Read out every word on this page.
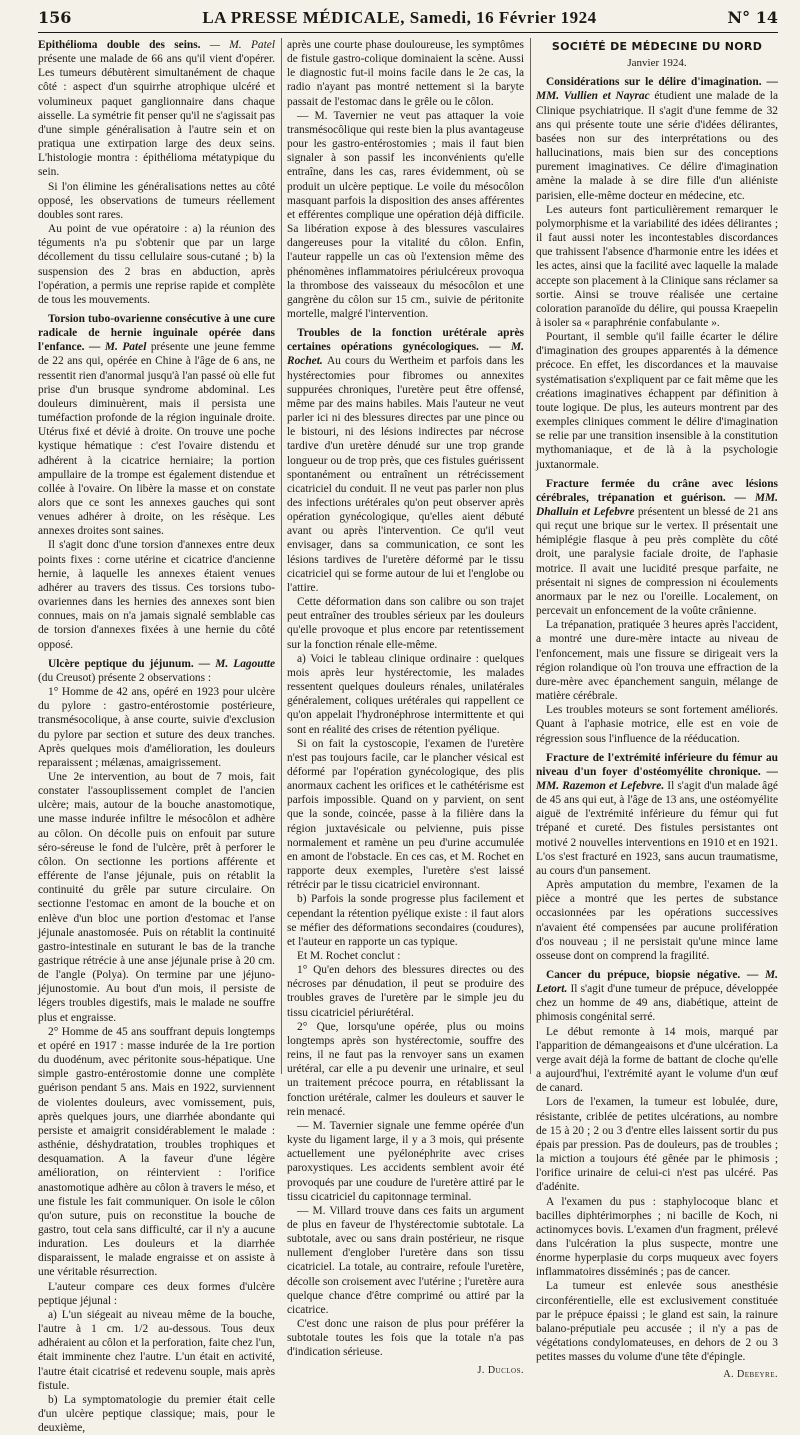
156	LA PRESSE MÉDICALE, Samedi, 16 Février 1924	N° 14

Epithélioma double des seins. — M. Patel présente une malade de 66 ans qu'il vient d'opérer. Les tumeurs débutèrent simultanément de chaque côté : aspect d'un squirrhe atrophique ulcéré et volumineux paquet ganglionnaire dans chaque aisselle. La symétrie fit penser qu'il ne s'agissait pas d'une simple généralisation à l'autre sein et on pratiqua une extirpation large des deux seins. L'histologie montra : épithélioma métatypique du sein.

Si l'on élimine les généralisations nettes au côté opposé, les observations de tumeurs réellement doubles sont rares.

Au point de vue opératoire : a) la réunion des téguments n'a pu s'obtenir que par un large décollement du tissu cellulaire sous-cutané ; b) la suspension des 2 bras en abduction, après l'opération, a permis une reprise rapide et complète de tous les mouvements.

Torsion tubo-ovarienne consécutive à une cure radicale de hernie inguinale opérée dans l'enfance. — M. Patel présente une jeune femme de 22 ans qui, opérée en Chine à l'âge de 6 ans, ne ressentit rien d'anormal jusqu'à l'an passé où elle fut prise d'un brusque syndrome abdominal. Les douleurs diminuèrent, mais il persista une tuméfaction profonde de la région inguinale droite. Utérus fixé et dévié à droite. On trouve une poche kystique hématique : c'est l'ovaire distendu et adhérent à la cicatrice herniaire; la portion ampullaire de la trompe est également distendue et collée à l'ovaire. On libère la masse et on constate alors que ce sont les annexes gauches qui sont venues adhérer à droite, on les résèque. Les annexes droites sont saines.

Il s'agit donc d'une torsion d'annexes entre deux points fixes : corne utérine et cicatrice d'ancienne hernie, à laquelle les annexes étaient venues adhérer au travers des tissus. Ces torsions tubo-ovariennes dans les hernies des annexes sont bien connues, mais on n'a jamais signalé semblable cas de torsion d'annexes fixées à une hernie du côté opposé.

Ulcère peptique du jéjunum. — M. Lagoutte (du Creusot) présente 2 observations :

1° Homme de 42 ans, opéré en 1923 pour ulcère du pylore : gastro-entérostomie postérieure, transmésocolique, à anse courte, suivie d'exclusion du pylore par section et suture des deux tranches. Après quelques mois d'amélioration, les douleurs reparaissent ; mélænas, amaigrissement.

Une 2e intervention, au bout de 7 mois, fait constater l'assouplissement complet de l'ancien ulcère; mais, autour de la bouche anastomotique, une masse indurée infiltre le mésocôlon et adhère au côlon. On décolle puis on enfouit par suture séro-séreuse le fond de l'ulcère, prêt à perforer le côlon. On sectionne les portions afférente et efférente de l'anse jéjunale, puis on rétablit la continuité du grêle par suture circulaire. On sectionne l'estomac en amont de la bouche et on enlève d'un bloc une portion d'estomac et l'anse jéjunale anastomosée. Puis on rétablit la continuité gastro-intestinale en suturant le bas de la tranche gastrique rétrécie à une anse jéjunale prise à 20 cm. de l'angle (Polya). On termine par une jéjuno-jéjunostomie. Au bout d'un mois, il persiste de légers troubles digestifs, mais le malade ne souffre plus et engraisse.

2° Homme de 45 ans souffrant depuis longtemps et opéré en 1917 : masse indurée de la 1re portion du duodénum, avec péritonite sous-hépatique. Une simple gastro-entérostomie donne une complète guérison pendant 5 ans. Mais en 1922, surviennent de violentes douleurs, avec vomissement, puis, après quelques jours, une diarrhée abondante qui persiste et amaigrit considérablement le malade : asthénie, déshydratation, troubles trophiques et desquamation. A la faveur d'une légère amélioration, on réintervient : l'orifice anastomotique adhère au côlon à travers le méso, et une fistule les fait communiquer. On isole le côlon qu'on suture, puis on reconstitue la bouche de gastro, tout cela sans difficulté, car il n'y a aucune induration. Les douleurs et la diarrhée disparaissent, le malade engraisse et on assiste à une véritable résurrection.

L'auteur compare ces deux formes d'ulcère peptique jéjunal :

a) L'un siégeait au niveau même de la bouche, l'autre à 1 cm. 1/2 au-dessous. Tous deux adhéraient au côlon et la perforation, faite chez l'un, était imminente chez l'autre. L'un était en activité, l'autre était cicatrisé et redevenu souple, mais après fistule.

b) La symptomatologie du premier était celle d'un ulcère peptique classique; mais, pour le deuxième,

après une courte phase douloureuse, les symptômes de fistule gastro-colique dominaient la scène. Aussi le diagnostic fut-il moins facile dans le 2e cas, la radio n'ayant pas montré nettement si la baryte passait de l'estomac dans le grêle ou le côlon.

— M. Tavernier ne veut pas attaquer la voie transmésocôlique qui reste bien la plus avantageuse pour les gastro-entérostomies ; mais il faut bien signaler à son passif les inconvénients qu'elle entraîne, dans les cas, rares évidemment, où se produit un ulcère peptique. Le voile du mésocôlon masquant parfois la disposition des anses afférentes et efférentes complique une opération déjà difficile. Sa libération expose à des blessures vasculaires dangereuses pour la vitalité du côlon. Enfin, l'auteur rappelle un cas où l'extension même des phénomènes inflammatoires périulcéreux provoqua la thrombose des vaisseaux du mésocôlon et une gangrène du côlon sur 15 cm., suivie de péritonite mortelle, malgré l'intervention.

Troubles de la fonction urétérale après certaines opérations gynécologiques. — M. Rochet. Au cours du Wertheim et parfois dans les hystérectomies pour fibromes ou annexites suppurées chroniques, l'uretère peut être offensé, même par des mains habiles. Mais l'auteur ne veut parler ici ni des blessures directes par une pince ou le bistouri, ni des lésions indirectes par nécrose tardive d'un uretère dénudé sur une trop grande longueur ou de trop près, que ces fistules guérissent spontanément ou entraînent un rétrécissement cicatriciel du conduit. Il ne veut pas parler non plus des infections urétérales qu'on peut observer après opération gynécologique, qu'elles aient débuté avant ou après l'intervention. Ce qu'il veut envisager, dans sa communication, ce sont les lésions tardives de l'uretère déformé par le tissu cicatriciel qui se forme autour de lui et l'englobe ou l'attire.

Cette déformation dans son calibre ou son trajet peut entraîner des troubles sérieux par les douleurs qu'elle provoque et plus encore par retentissement sur la fonction rénale elle-même.

a) Voici le tableau clinique ordinaire : quelques mois après leur hystérectomie, les malades ressentent quelques douleurs rénales, unilatérales généralement, coliques urétérales qui rappellent ce qu'on appelait l'hydronéphrose intermittente et qui sont en réalité des crises de rétention pyélique.

Si on fait la cystoscopie, l'examen de l'uretère n'est pas toujours facile, car le plancher vésical est déformé par l'opération gynécologique, des plis anormaux cachent les orifices et le cathétérisme est parfois impossible. Quand on y parvient, on sent que la sonde, coincée, passe à la filière dans la région juxtavésicale ou pelvienne, puis pisse normalement et ramène un peu d'urine accumulée en amont de l'obstacle. En ces cas, et M. Rochet en rapporte deux exemples, l'uretère s'est laissé rétrécir par le tissu cicatriciel environnant.

b) Parfois la sonde progresse plus facilement et cependant la rétention pyélique existe : il faut alors se méfier des déformations secondaires (coudures), et l'auteur en rapporte un cas typique.

Et M. Rochet conclut :

1° Qu'en dehors des blessures directes ou des nécroses par dénudation, il peut se produire des troubles graves de l'uretère par le simple jeu du tissu cicatriciel périurétéral.

2° Que, lorsqu'une opérée, plus ou moins longtemps après son hystérectomie, souffre des reins, il ne faut pas la renvoyer sans un examen urétéral, car elle a pu devenir une urinaire, et seul un traitement précoce pourra, en rétablissant la fonction urétérale, calmer les douleurs et sauver le rein menacé.

— M. Tavernier signale une femme opérée d'un kyste du ligament large, il y a 3 mois, qui présente actuellement une pyélonéphrite avec crises paroxystiques. Les accidents semblent avoir été provoqués par une coudure de l'uretère attiré par le tissu cicatriciel du capitonnage terminal.

— M. Villard trouve dans ces faits un argument de plus en faveur de l'hystérectomie subtotale. La subtotale, avec ou sans drain postérieur, ne risque nullement d'englober l'uretère dans son tissu cicatriciel. La totale, au contraire, refoule l'uretère, décolle son croisement avec l'utérine ; l'uretère aura quelque chance d'être comprimé ou attiré par la cicatrice.

C'est donc une raison de plus pour préférer la subtotale toutes les fois que la totale n'a pas d'indication sérieuse.

J. Duclos.
SOCIÉTÉ DE MÉDECINE DU NORD
Janvier 1924.
Considérations sur le délire d'imagination. — MM. Vullien et Nayrac étudient une malade de la Clinique psychiatrique. Il s'agit d'une femme de 32 ans qui présente toute une série d'idées délirantes, basées non sur des interprétations ou des hallucinations, mais bien sur des conceptions purement imaginatives. Ce délire d'imagination amène la malade à se dire fille d'un aliéniste parisien, elle-même docteur en médecine, etc.

Les auteurs font particulièrement remarquer le polymorphisme et la variabilité des idées délirantes ; il faut aussi noter les incontestables discordances que trahissent l'absence d'harmonie entre les idées et les actes, ainsi que la facilité avec laquelle la malade accepte son placement à la Clinique sans réclamer sa sortie. Ainsi se trouve réalisée une certaine coloration paranoïde du délire, qui poussa Kraepelin à isoler sa « paraphrénie confabulante ».

Pourtant, il semble qu'il faille écarter le délire d'imagination des groupes apparentés à la démence précoce. En effet, les discordances et la mauvaise systématisation s'expliquent par ce fait même que les créations imaginatives échappent par définition à toute logique. De plus, les auteurs montrent par des exemples cliniques comment le délire d'imagination se relie par une transition insensible à la constitution mythomaniaque, et de là à la psychologie juxtanormale.

Fracture fermée du crâne avec lésions cérébrales, trépanation et guérison. — MM. Dhalluin et Lefebvre présentent un blessé de 21 ans qui reçut une brique sur le vertex. Il présentait une hémiplégie flasque à peu près complète du côté droit, une paralysie faciale droite, de l'aphasie motrice. Il avait une lucidité presque parfaite, ne présentait ni signes de compression ni écoulements anormaux par le nez ou l'oreille. Localement, on percevait un enfoncement de la voûte crânienne.

La trépanation, pratiquée 3 heures après l'accident, a montré une dure-mère intacte au niveau de l'enfoncement, mais une fissure se dirigeait vers la région rolandique où l'on trouva une effraction de la dure-mère avec épanchement sanguin, mélange de matière cérébrale.

Les troubles moteurs se sont fortement améliorés. Quant à l'aphasie motrice, elle est en voie de régression sous l'influence de la rééducation.

Fracture de l'extrémité inférieure du fémur au niveau d'un foyer d'ostéomyélite chronique. — MM. Razemon et Lefebvre. Il s'agit d'un malade âgé de 45 ans qui eut, à l'âge de 13 ans, une ostéomyélite aiguë de l'extrémité inférieure du fémur qui fut trépané et cureté. Des fistules persistantes ont motivé 2 nouvelles interventions en 1910 et en 1921. L'os s'est fracturé en 1923, sans aucun traumatisme, au cours d'un pansement.

Après amputation du membre, l'examen de la pièce a montré que les pertes de substance occasionnées par les opérations successives n'avaient été compensées par aucune prolifération d'os nouveau ; il ne persistait qu'une mince lame osseuse dont on comprend la fragilité.

Cancer du prépuce, biopsie négative. — M. Letort. Il s'agit d'une tumeur de prépuce, développée chez un homme de 49 ans, diabétique, atteint de phimosis congénital serré.

Le début remonte à 14 mois, marqué par l'apparition de démangeaisons et d'une ulcération. La verge avait déjà la forme de battant de cloche qu'elle a aujourd'hui, l'extrémité ayant le volume d'un œuf de canard.

Lors de l'examen, la tumeur est lobulée, dure, résistante, criblée de petites ulcérations, au nombre de 15 à 20 ; 2 ou 3 d'entre elles laissent sortir du pus épais par pression. Pas de douleurs, pas de troubles ; la miction a toujours été gênée par le phimosis ; l'orifice urinaire de celui-ci n'est pas ulcéré. Pas d'adénite.

A l'examen du pus : staphylocoque blanc et bacilles diphtérimorphes ; ni bacille de Koch, ni actinomyces bovis. L'examen d'un fragment, prélevé dans l'ulcération la plus suspecte, montre une énorme hyperplasie du corps muqueux avec foyers inflammatoires disséminés ; pas de cancer.

La tumeur est enlevée sous anesthésie circonférentielle, elle est exclusivement constituée par le prépuce épaissi ; le gland est sain, la rainure balano-préputiale peu accusée ; il n'y a pas de végétations condylomateuses, en dehors de 2 ou 3 petites masses du volume d'une tête d'épingle.

A. Debeyre.
